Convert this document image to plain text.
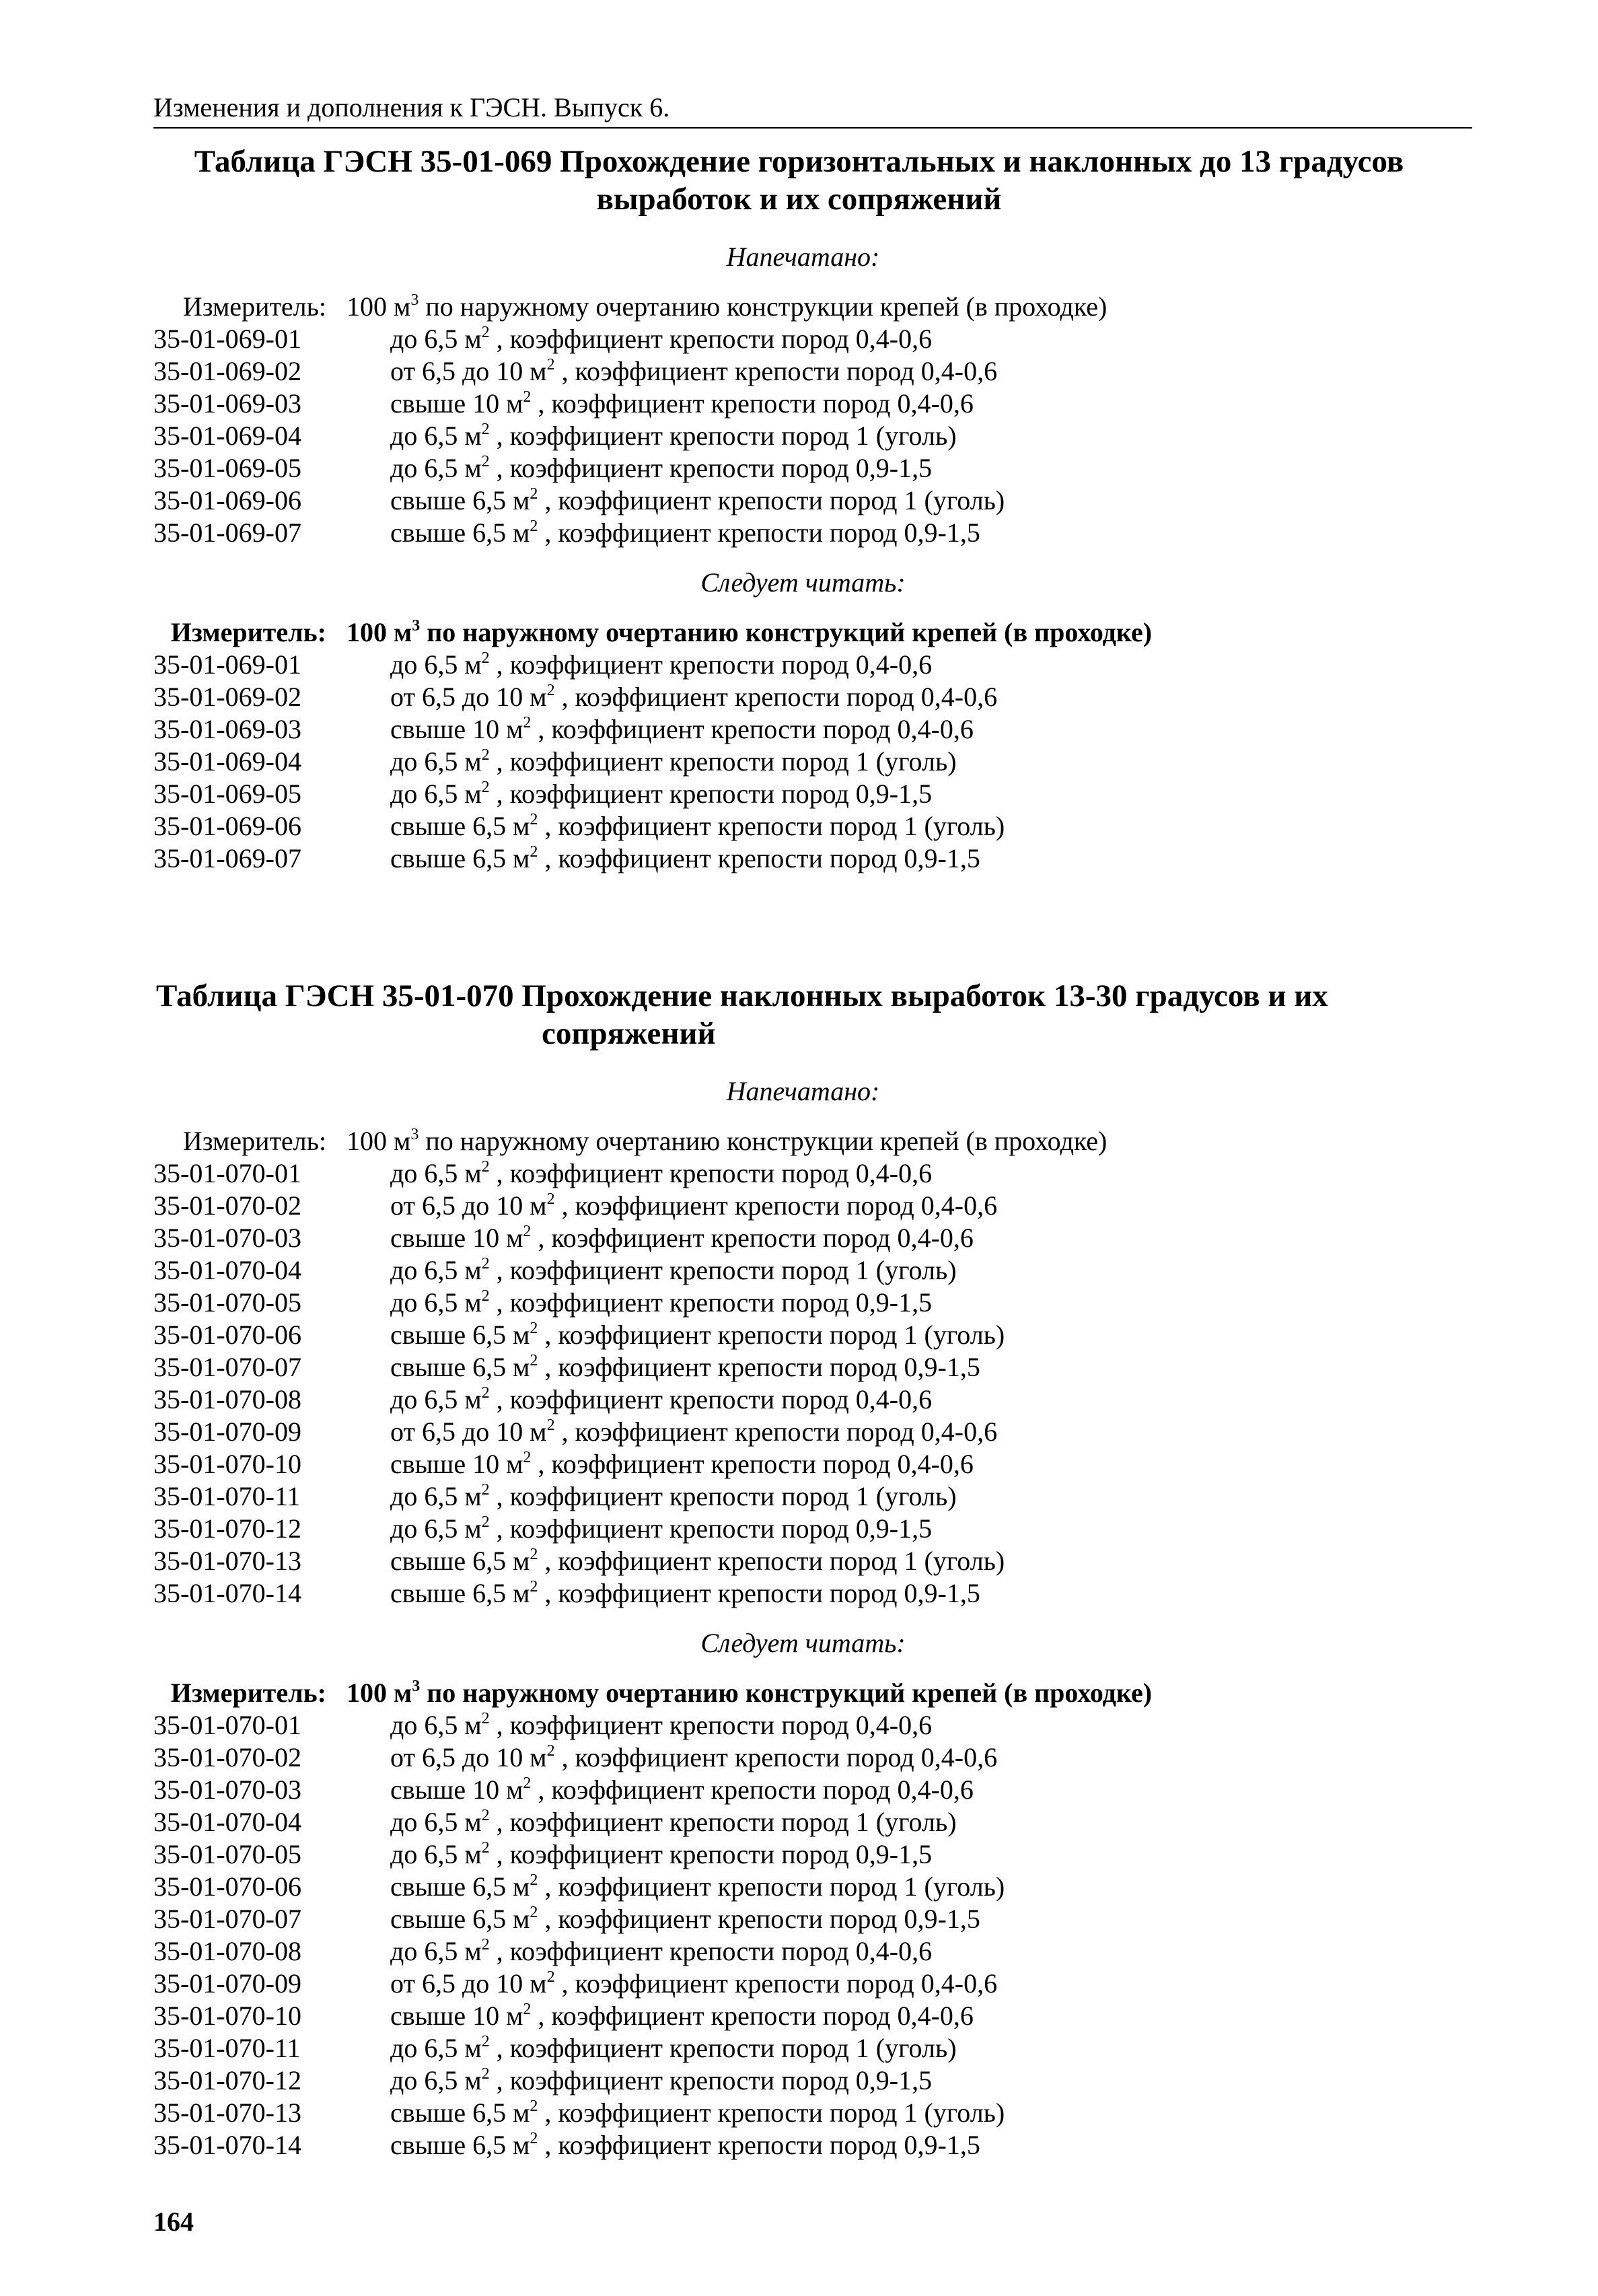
Изменения и дополнения к ГЭСН. Выпуск 6.
Таблица ГЭСН 35-01-069 Прохождение горизонтальных и наклонных до 13 градусов
выработок и их сопряжений
Напечатано:
Измеритель: 100 $м^3$ по наружному очертанию конструкции крепей (в проходке)
35-01-069-01	до 6,5 $м^2$ , коэффициент крепости пород 0,4-0,6
35-01-069-02	от 6,5 до 10 $м^2$ , коэффициент крепости пород 0,4-0,6
35-01-069-03	свыше 10 $м^2$ , коэффициент крепости пород 0,4-0,6
35-01-069-04	до 6,5 $м^2$ , коэффициент крепости пород 1 (уголь)
35-01-069-05	до 6,5 $м^2$ , коэффициент крепости пород 0,9-1,5
35-01-069-06	свыше 6,5 $м^2$ , коэффициент крепости пород 1 (уголь)
35-01-069-07	свыше 6,5 $м^2$ , коэффициент крепости пород 0,9-1,5
Следует читать:
Измеритель: 100 $м^3$ по наружному очертанию конструкций крепей (в проходке)
35-01-069-01	до 6,5 $м^2$ , коэффициент крепости пород 0,4-0,6
35-01-069-02	от 6,5 до 10 $м^2$ , коэффициент крепости пород 0,4-0,6
35-01-069-03	свыше 10 $м^2$ , коэффициент крепости пород 0,4-0,6
35-01-069-04	до 6,5 $м^2$ , коэффициент крепости пород 1 (уголь)
35-01-069-05	до 6,5 $м^2$ , коэффициент крепости пород 0,9-1,5
35-01-069-06	свыше 6,5 $м^2$ , коэффициент крепости пород 1 (уголь)
35-01-069-07	свыше 6,5 $м^2$ , коэффициент крепости пород 0,9-1,5
Таблица ГЭСН 35-01-070 Прохождение наклонных выработок 13-30 градусов и их
сопряжений
Напечатано:
Измеритель: 100 $м^3$ по наружному очертанию конструкции крепей (в проходке)
35-01-070-01	до 6,5 $м^2$ , коэффициент крепости пород 0,4-0,6
35-01-070-02	от 6,5 до 10 $м^2$ , коэффициент крепости пород 0,4-0,6
35-01-070-03	свыше 10 $м^2$ , коэффициент крепости пород 0,4-0,6
35-01-070-04	до 6,5 $м^2$ , коэффициент крепости пород 1 (уголь)
35-01-070-05	до 6,5 $м^2$ , коэффициент крепости пород 0,9-1,5
35-01-070-06	свыше 6,5 $м^2$ , коэффициент крепости пород 1 (уголь)
35-01-070-07	свыше 6,5 $м^2$ , коэффициент крепости пород 0,9-1,5
35-01-070-08	до 6,5 $м^2$ , коэффициент крепости пород 0,4-0,6
35-01-070-09	от 6,5 до 10 $м^2$ , коэффициент крепости пород 0,4-0,6
35-01-070-10	свыше 10 $м^2$ , коэффициент крепости пород 0,4-0,6
35-01-070-11	до 6,5 $м^2$ , коэффициент крепости пород 1 (уголь)
35-01-070-12	до 6,5 $м^2$ , коэффициент крепости пород 0,9-1,5
35-01-070-13	свыше 6,5 $м^2$ , коэффициент крепости пород 1 (уголь)
35-01-070-14	свыше 6,5 $м^2$ , коэффициент крепости пород 0,9-1,5
Следует читать:
Измеритель: 100 $м^3$ по наружному очертанию конструкций крепей (в проходке)
35-01-070-01	до 6,5 $м^2$ , коэффициент крепости пород 0,4-0,6
35-01-070-02	от 6,5 до 10 $м^2$ , коэффициент крепости пород 0,4-0,6
35-01-070-03	свыше 10 $м^2$ , коэффициент крепости пород 0,4-0,6
35-01-070-04	до 6,5 $м^2$ , коэффициент крепости пород 1 (уголь)
35-01-070-05	до 6,5 $м^2$ , коэффициент крепости пород 0,9-1,5
35-01-070-06	свыше 6,5 $м^2$ , коэффициент крепости пород 1 (уголь)
35-01-070-07	свыше 6,5 $м^2$ , коэффициент крепости пород 0,9-1,5
35-01-070-08	до 6,5 $м^2$ , коэффициент крепости пород 0,4-0,6
35-01-070-09	от 6,5 до 10 $м^2$ , коэффициент крепости пород 0,4-0,6
35-01-070-10	свыше 10 $м^2$ , коэффициент крепости пород 0,4-0,6
35-01-070-11	до 6,5 $м^2$ , коэффициент крепости пород 1 (уголь)
35-01-070-12	до 6,5 $м^2$ , коэффициент крепости пород 0,9-1,5
35-01-070-13	свыше 6,5 $м^2$ , коэффициент крепости пород 1 (уголь)
35-01-070-14	свыше 6,5 $м^2$ , коэффициент крепости пород 0,9-1,5
164
